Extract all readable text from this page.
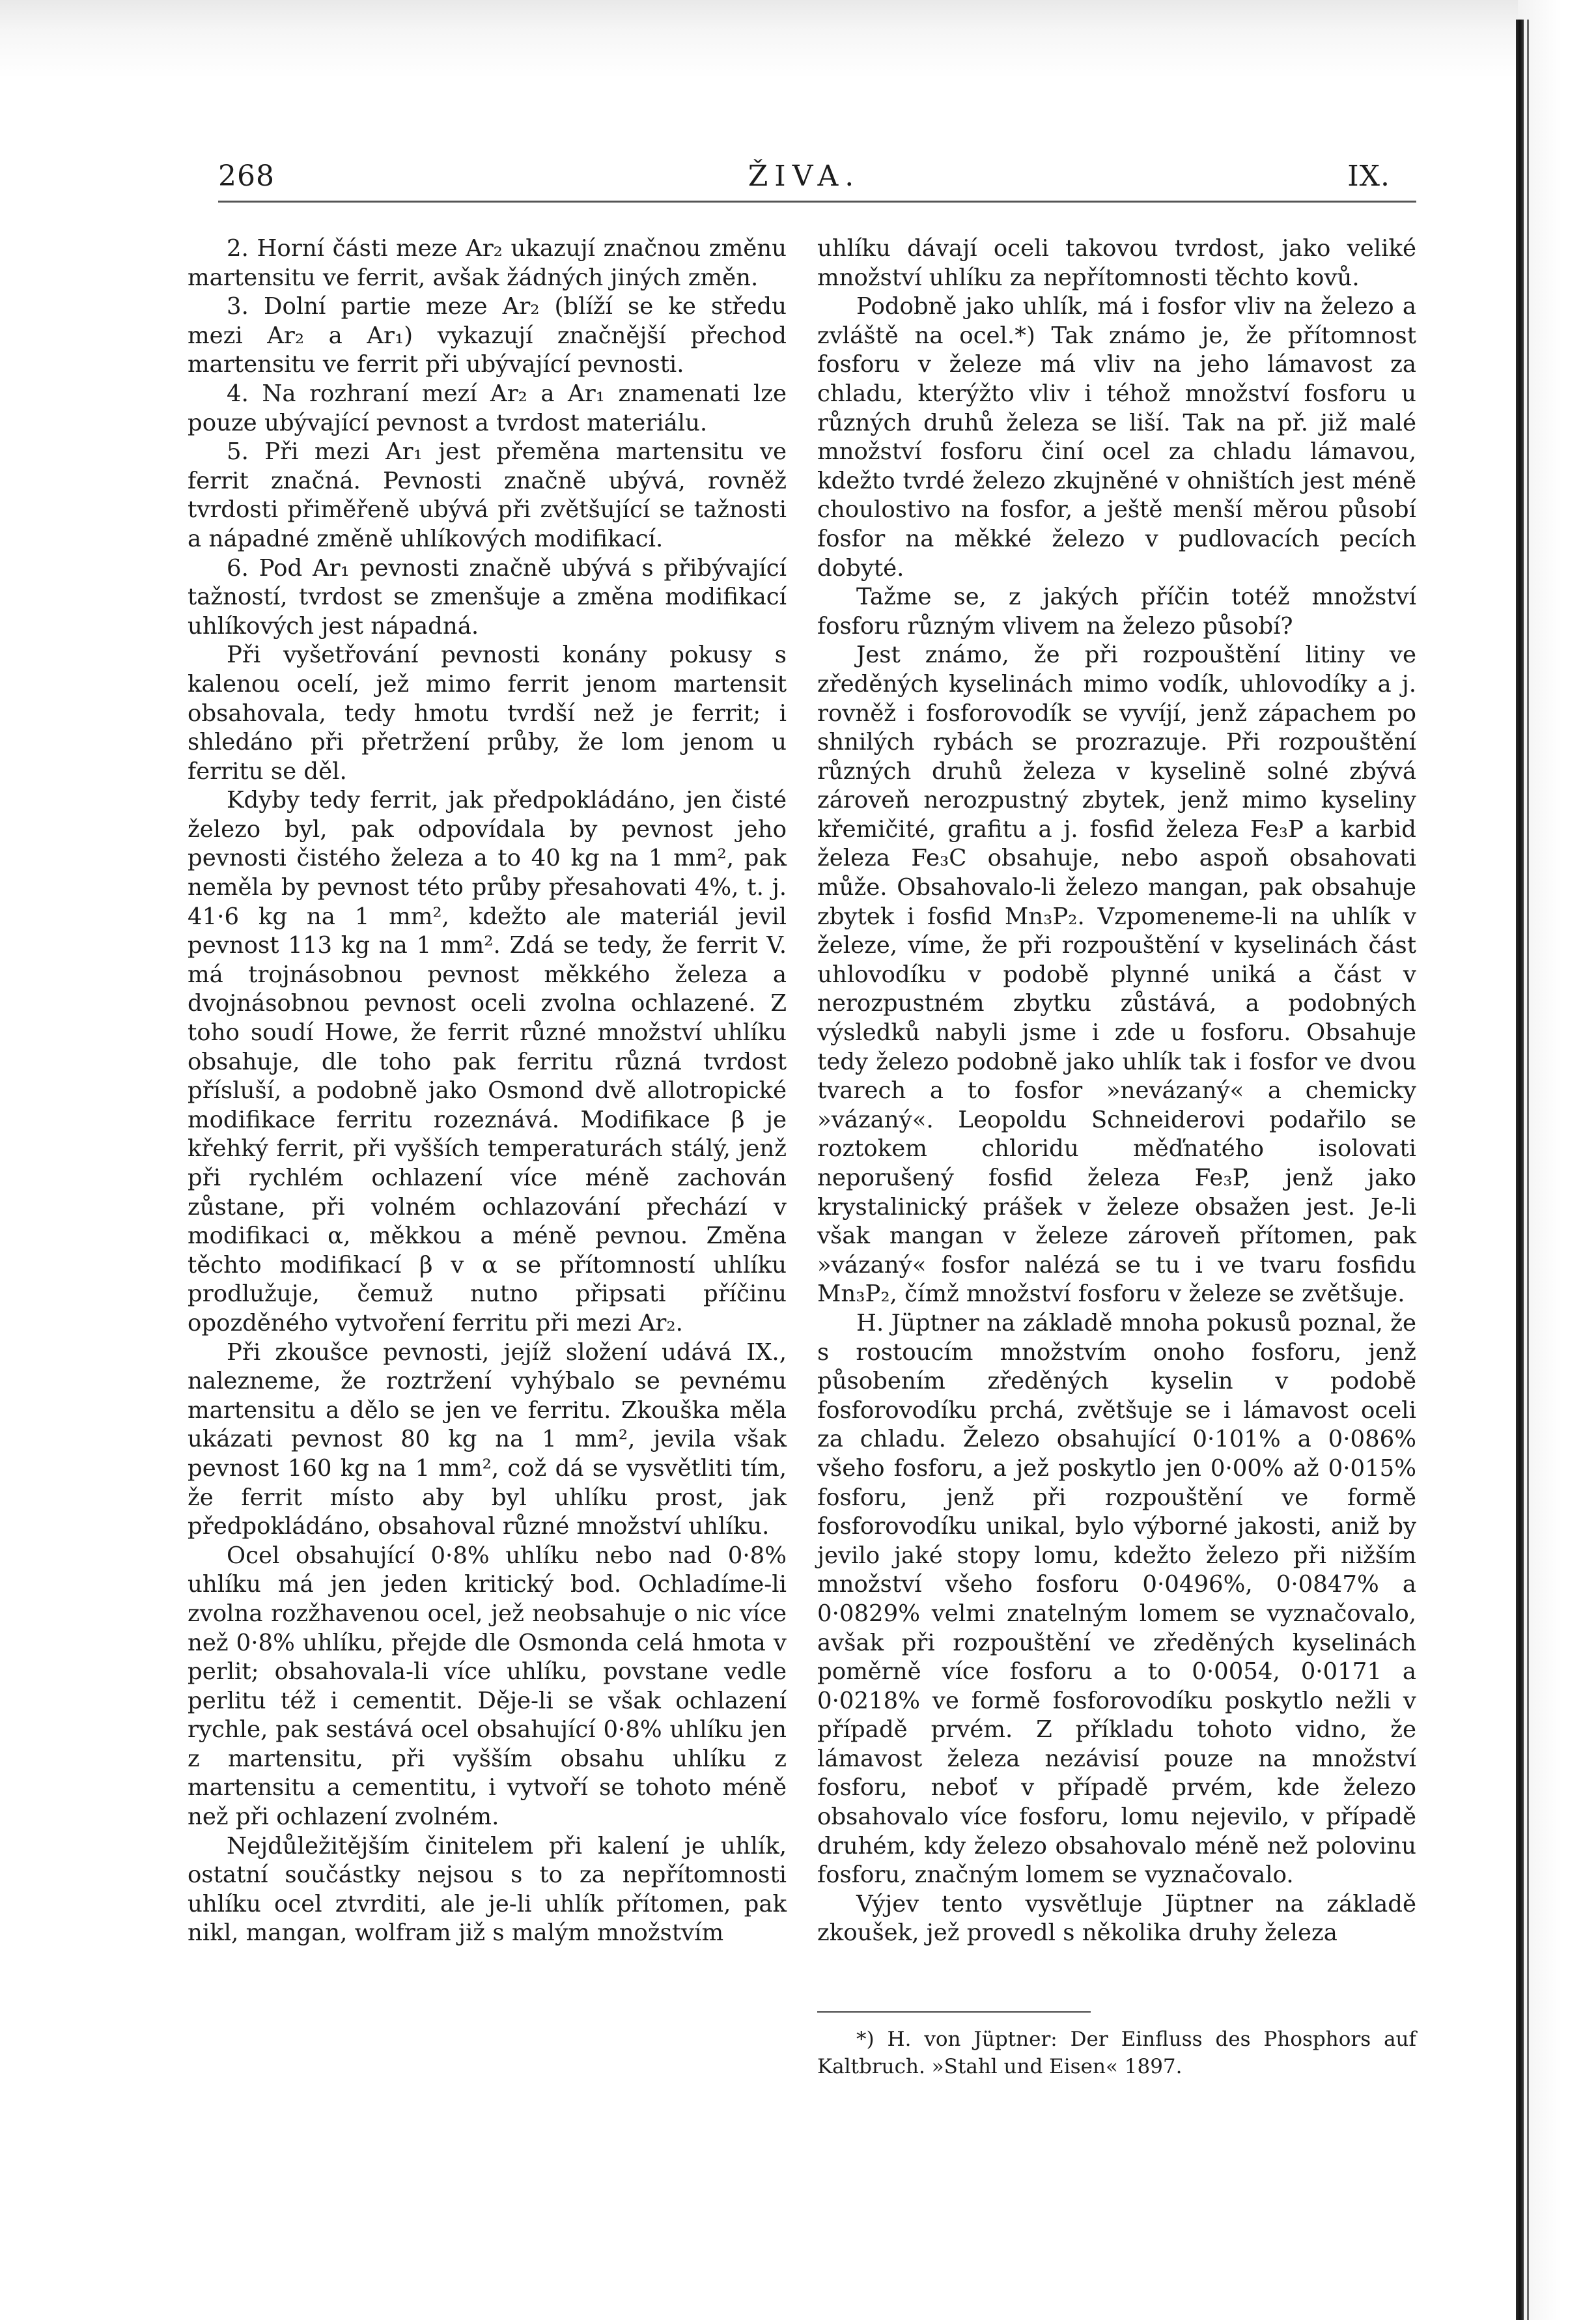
268	ŽIVA.	IX.

2. Horní části meze Ar₂ ukazují značnou změnu martensitu ve ferrit, avšak žádných jiných změn.

3. Dolní partie meze Ar₂ (blíží se ke středu mezi Ar₂ a Ar₁) vykazují značnější přechod martensitu ve ferrit při ubývající pevnosti.

4. Na rozhraní mezí Ar₂ a Ar₁ znamenati lze pouze ubývající pevnost a tvrdost materiálu.

5. Při mezi Ar₁ jest přeměna martensitu ve ferrit značná. Pevnosti značně ubývá, rovněž tvrdosti přiměřeně ubývá při zvětšující se tažnosti a nápadné změně uhlíkových modifikací.

6. Pod Ar₁ pevnosti značně ubývá s přibývající tažností, tvrdost se zmenšuje a změna modifikací uhlíkových jest nápadná.

Při vyšetřování pevnosti konány pokusy s kalenou ocelí, jež mimo ferrit jenom martensit obsahovala, tedy hmotu tvrdší než je ferrit; i shledáno při přetržení průby, že lom jenom u ferritu se děl.

Kdyby tedy ferrit, jak předpokládáno, jen čisté železo byl, pak odpovídala by pevnost jeho pevnosti čistého železa a to 40 kg na 1 mm², pak neměla by pevnost této průby přesahovati 4%, t. j. 41·6 kg na 1 mm², kdežto ale materiál jevil pevnost 113 kg na 1 mm². Zdá se tedy, že ferrit V. má trojnásobnou pevnost měkkého železa a dvojnásobnou pevnost oceli zvolna ochlazené. Z toho soudí Howe, že ferrit různé množství uhlíku obsahuje, dle toho pak ferritu různá tvrdost přísluší, a podobně jako Osmond dvě allotropické modifikace ferritu rozeznává. Modifikace β je křehký ferrit, při vyšších temperaturách stálý, jenž při rychlém ochlazení více méně zachován zůstane, při volném ochlazování přechází v modifikaci α, měkkou a méně pevnou. Změna těchto modifikací β v α se přítomností uhlíku prodlužuje, čemuž nutno připsati příčinu opozděného vytvoření ferritu při mezi Ar₂.

Při zkoušce pevnosti, jejíž složení udává IX., nalezneme, že roztržení vyhýbalo se pevnému martensitu a dělo se jen ve ferritu. Zkouška měla ukázati pevnost 80 kg na 1 mm², jevila však pevnost 160 kg na 1 mm², což dá se vysvětliti tím, že ferrit místo aby byl uhlíku prost, jak předpokládáno, obsahoval různé množství uhlíku.

Ocel obsahující 0·8% uhlíku nebo nad 0·8% uhlíku má jen jeden kritický bod. Ochladíme-li zvolna rozžhavenou ocel, jež neobsahuje o nic více než 0·8% uhlíku, přejde dle Osmonda celá hmota v perlit; obsahovala-li více uhlíku, povstane vedle perlitu též i cementit. Děje-li se však ochlazení rychle, pak sestává ocel obsahující 0·8% uhlíku jen z martensitu, při vyšším obsahu uhlíku z martensitu a cementitu, i vytvoří se tohoto méně než při ochlazení zvolném.

Nejdůležitějším činitelem při kalení je uhlík, ostatní součástky nejsou s to za nepřítomnosti uhlíku ocel ztvrditi, ale je-li uhlík přítomen, pak nikl, mangan, wolfram již s malým množstvím

uhlíku dávají oceli takovou tvrdost, jako veliké množství uhlíku za nepřítomnosti těchto kovů.

Podobně jako uhlík, má i fosfor vliv na železo a zvláště na ocel.*) Tak známo je, že přítomnost fosforu v železe má vliv na jeho lámavost za chladu, kterýžto vliv i téhož množství fosforu u různých druhů železa se liší. Tak na př. již malé množství fosforu činí ocel za chladu lámavou, kdežto tvrdé železo zkujněné v ohništích jest méně choulostivo na fosfor, a ještě menší měrou působí fosfor na měkké železo v pudlovacích pecích dobyté.

Tažme se, z jakých příčin totéž množství fosforu různým vlivem na železo působí?

Jest známo, že při rozpouštění litiny ve zředěných kyselinách mimo vodík, uhlovodíky a j. rovněž i fosforovodík se vyvíjí, jenž zápachem po shnilých rybách se prozrazuje. Při rozpouštění různých druhů železa v kyselině solné zbývá zároveň nerozpustný zbytek, jenž mimo kyseliny křemičité, grafitu a j. fosfid železa Fe₃P a karbid železa Fe₃C obsahuje, nebo aspoň obsahovati může. Obsahovalo-li železo mangan, pak obsahuje zbytek i fosfid Mn₃P₂. Vzpomeneme-li na uhlík v železe, víme, že při rozpouštění v kyselinách část uhlovodíku v podobě plynné uniká a část v nerozpustném zbytku zůstává, a podobných výsledků nabyli jsme i zde u fosforu. Obsahuje tedy železo podobně jako uhlík tak i fosfor ve dvou tvarech a to fosfor »nevázaný« a chemicky »vázaný«. Leopoldu Schneiderovi podařilo se roztokem chloridu měďnatého isolovati neporušený fosfid železa Fe₃P, jenž jako krystalinický prášek v železe obsažen jest. Je-li však mangan v železe zároveň přítomen, pak »vázaný« fosfor nalézá se tu i ve tvaru fosfidu Mn₃P₂, čímž množství fosforu v železe se zvětšuje.

H. Jüptner na základě mnoha pokusů poznal, že s rostoucím množstvím onoho fosforu, jenž působením zředěných kyselin v podobě fosforovodíku prchá, zvětšuje se i lámavost oceli za chladu. Železo obsahující 0·101% a 0·086% všeho fosforu, a jež poskytlo jen 0·00% až 0·015% fosforu, jenž při rozpouštění ve formě fosforovodíku unikal, bylo výborné jakosti, aniž by jevilo jaké stopy lomu, kdežto železo při nižším množství všeho fosforu 0·0496%, 0·0847% a 0·0829% velmi znatelným lomem se vyznačovalo, avšak při rozpouštění ve zředěných kyselinách poměrně více fosforu a to 0·0054, 0·0171 a 0·0218% ve formě fosforovodíku poskytlo nežli v případě prvém. Z příkladu tohoto vidno, že lámavost železa nezávisí pouze na množství fosforu, neboť v případě prvém, kde železo obsahovalo více fosforu, lomu nejevilo, v případě druhém, kdy železo obsahovalo méně než polovinu fosforu, značným lomem se vyznačovalo.

Výjev tento vysvětluje Jüptner na základě zkoušek, jež provedl s několika druhy železa

*) H. von Jüptner: Der Einfluss des Phosphors auf Kaltbruch. »Stahl und Eisen« 1897.
